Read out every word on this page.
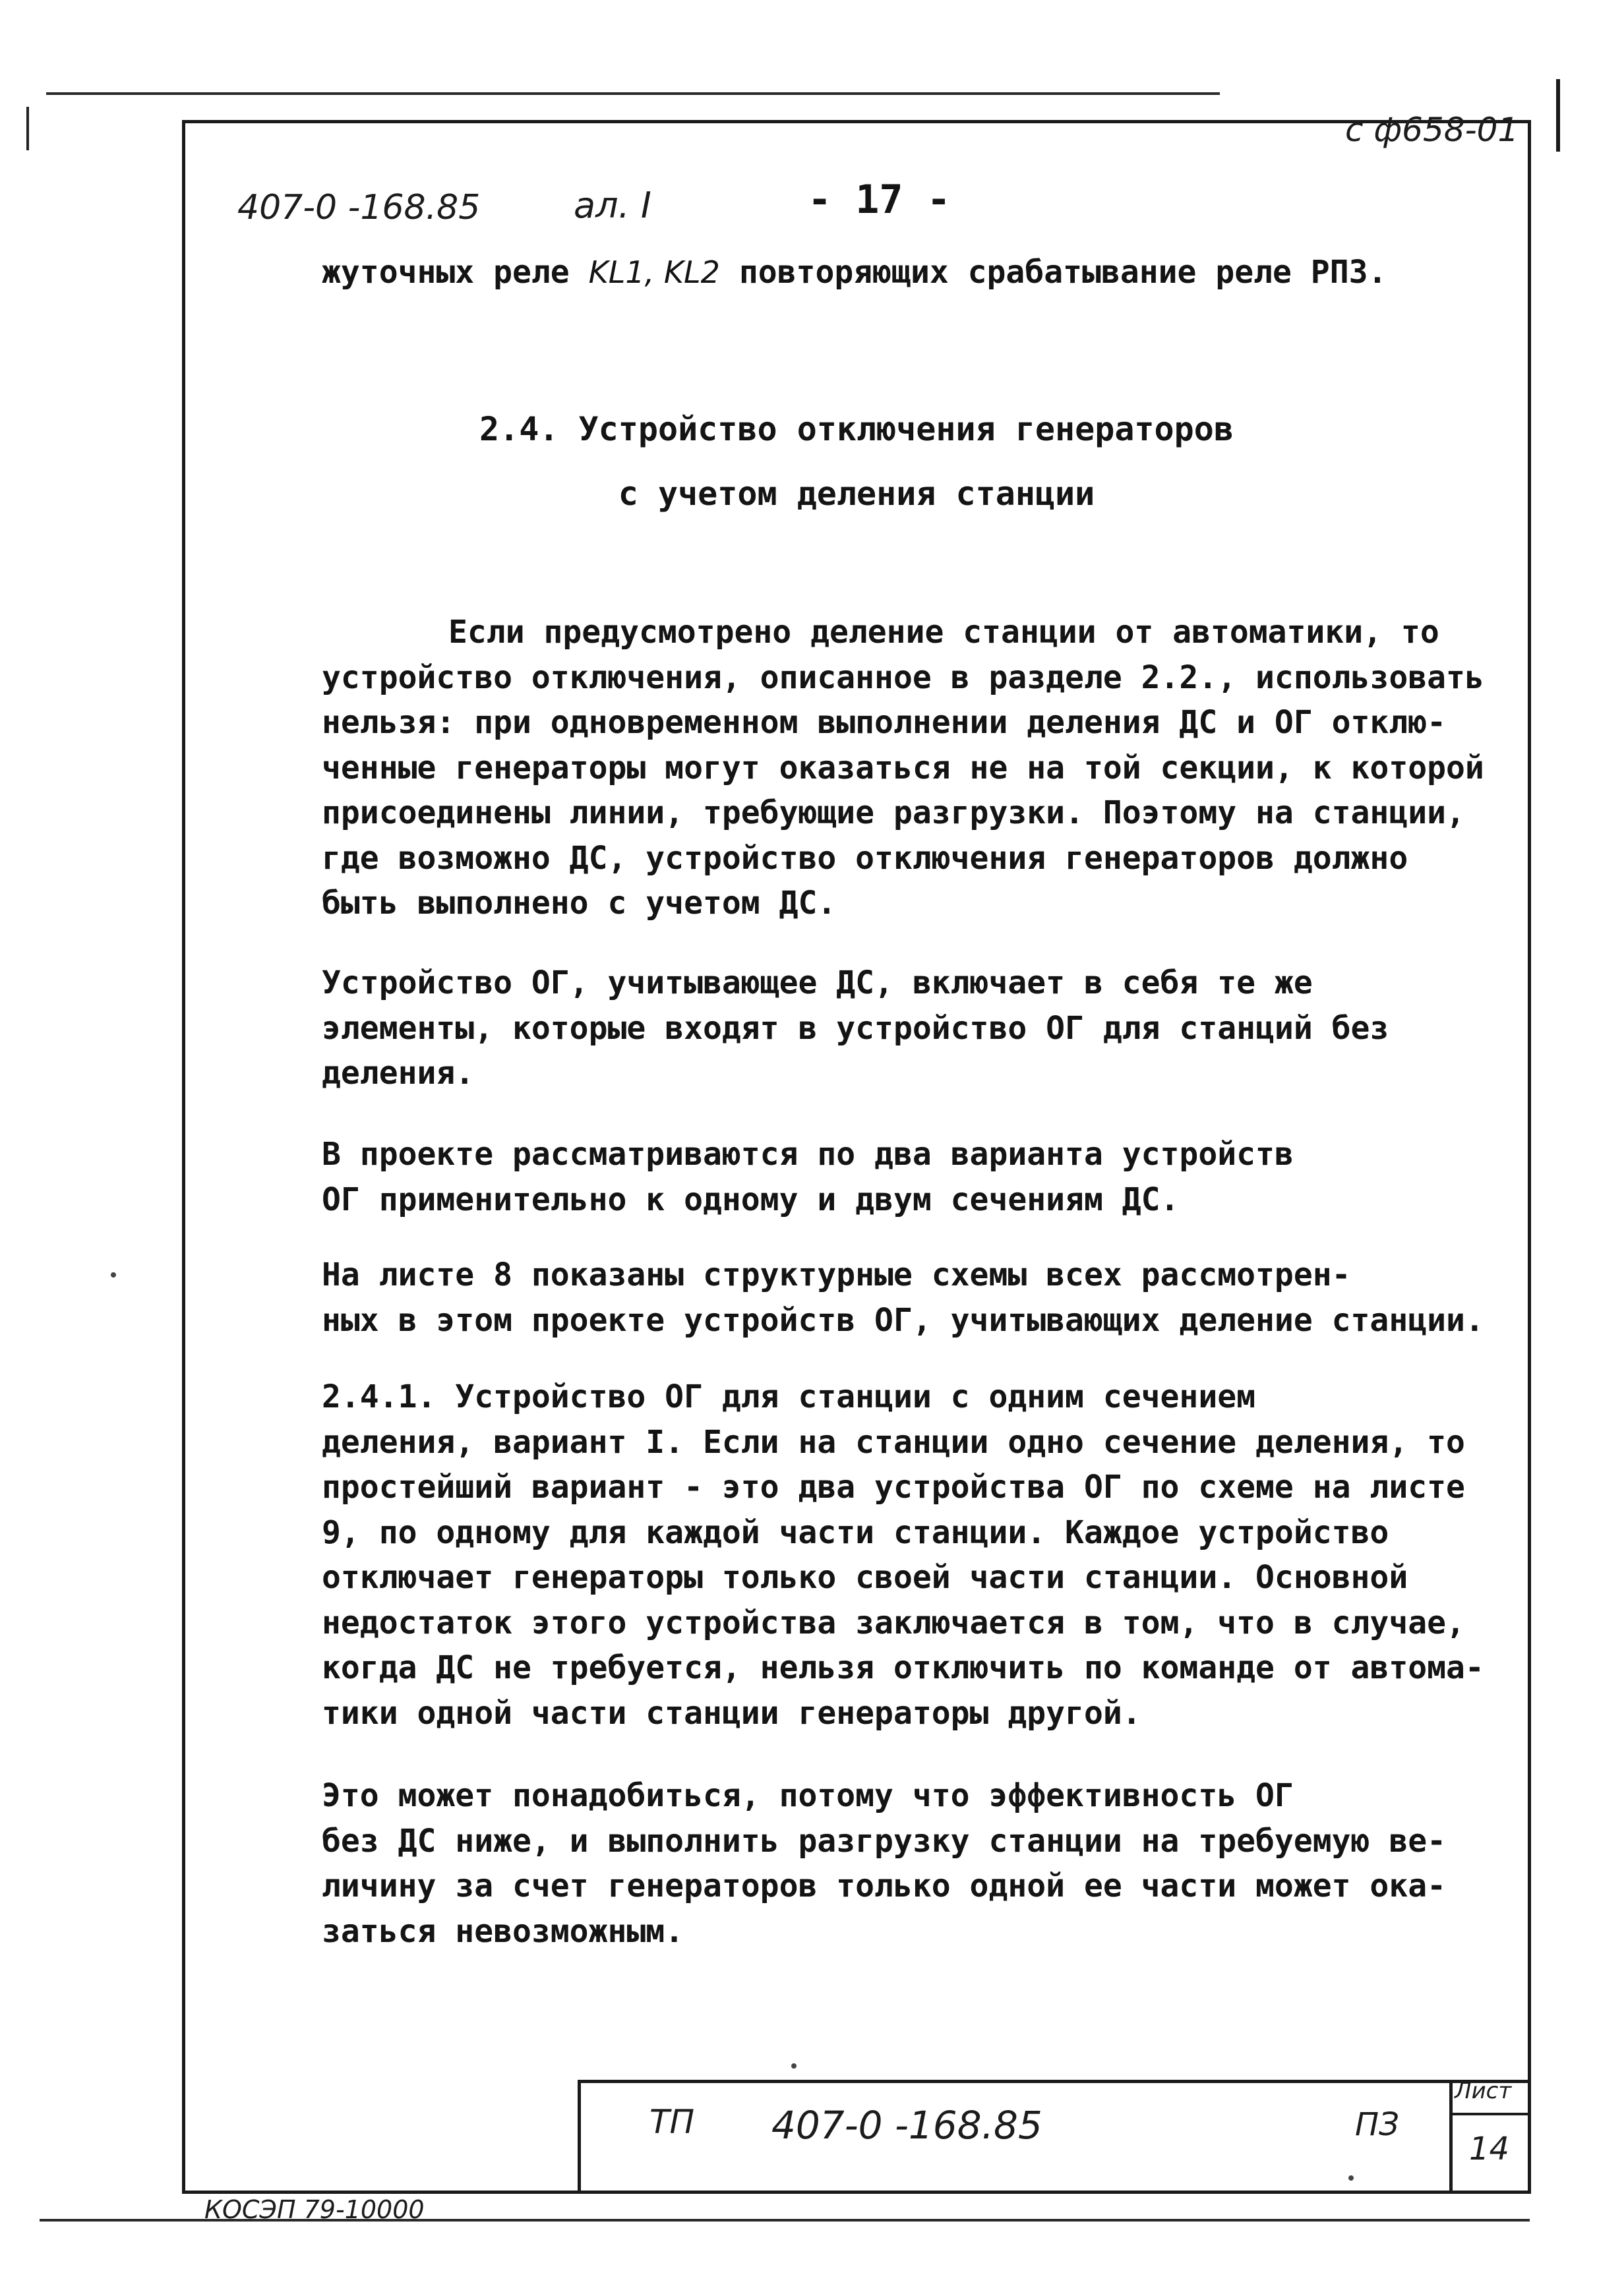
с ф658-01
407-0 -168.85	ал. I	- 17 -
жуточных реле KL1, KL2 повторяющих срабатывание реле РПЗ.
2.4. Устройство отключения генераторов
с учетом деления станции
Если предусмотрено деление станции от автоматики, то
устройство отключения, описанное в разделе 2.2., использовать
нельзя: при одновременном выполнении деления ДС и ОГ отклю-
ченные генераторы могут оказаться не на той секции, к которой
присоединены линии, требующие разгрузки. Поэтому на станции,
где возможно ДС, устройство отключения генераторов должно
быть выполнено с учетом ДС.
Устройство ОГ, учитывающее ДС, включает в себя те же
элементы, которые входят в устройство ОГ для станций без
деления.
В проекте рассматриваются по два варианта устройств
ОГ применительно к одному и двум сечениям ДС.
На листе 8 показаны структурные схемы всех рассмотрен-
ных в этом проекте устройств ОГ, учитывающих деление станции.
2.4.1. Устройство ОГ для станции с одним сечением
деления, вариант I. Если на станции одно сечение деления, то
простейший вариант - это два устройства ОГ по схеме на листе
9, по одному для каждой части станции. Каждое устройство
отключает генераторы только своей части станции. Основной
недостаток этого устройства заключается в том, что в случае,
когда ДС не требуется, нельзя отключить по команде от автома-
тики одной части станции генераторы другой.
Это может понадобиться, потому что эффективность ОГ
без ДС ниже, и выполнить разгрузку станции на требуемую ве-
личину за счет генераторов только одной ее части может ока-
заться невозможным.
ТП 407-0 -168.85	ПЗ
Лист
14
КОСЭП 79-10000
